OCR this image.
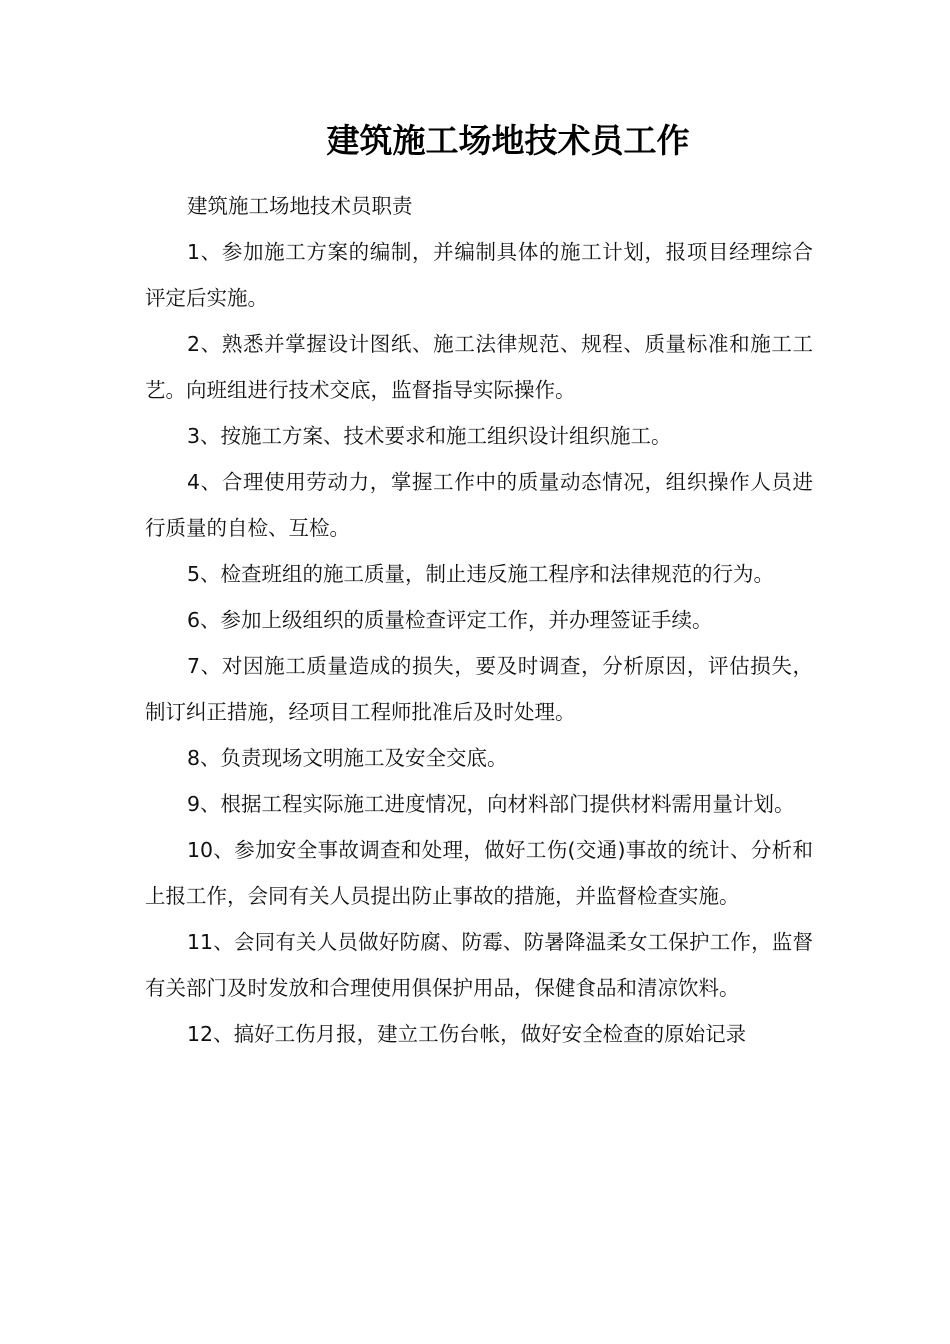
建筑施工场地技术员工作

建筑施工场地技术员职责

1、参加施工方案的编制，并编制具体的施工计划，报项目经理综合评定后实施。

2、熟悉并掌握设计图纸、施工法律规范、规程、质量标准和施工工艺。向班组进行技术交底，监督指导实际操作。

3、按施工方案、技术要求和施工组织设计组织施工。

4、合理使用劳动力，掌握工作中的质量动态情况，组织操作人员进行质量的自检、互检。

5、检查班组的施工质量，制止违反施工程序和法律规范的行为。

6、参加上级组织的质量检查评定工作，并办理签证手续。

7、对因施工质量造成的损失，要及时调查，分析原因，评估损失，制订纠正措施，经项目工程师批准后及时处理。

8、负责现场文明施工及安全交底。

9、根据工程实际施工进度情况，向材料部门提供材料需用量计划。

10、参加安全事故调查和处理，做好工伤(交通)事故的统计、分析和上报工作，会同有关人员提出防止事故的措施，并监督检查实施。

11、会同有关人员做好防腐、防霉、防暑降温柔女工保护工作，监督有关部门及时发放和合理使用俱保护用品，保健食品和清凉饮料。

12、搞好工伤月报，建立工伤台帐，做好安全检查的原始记录
